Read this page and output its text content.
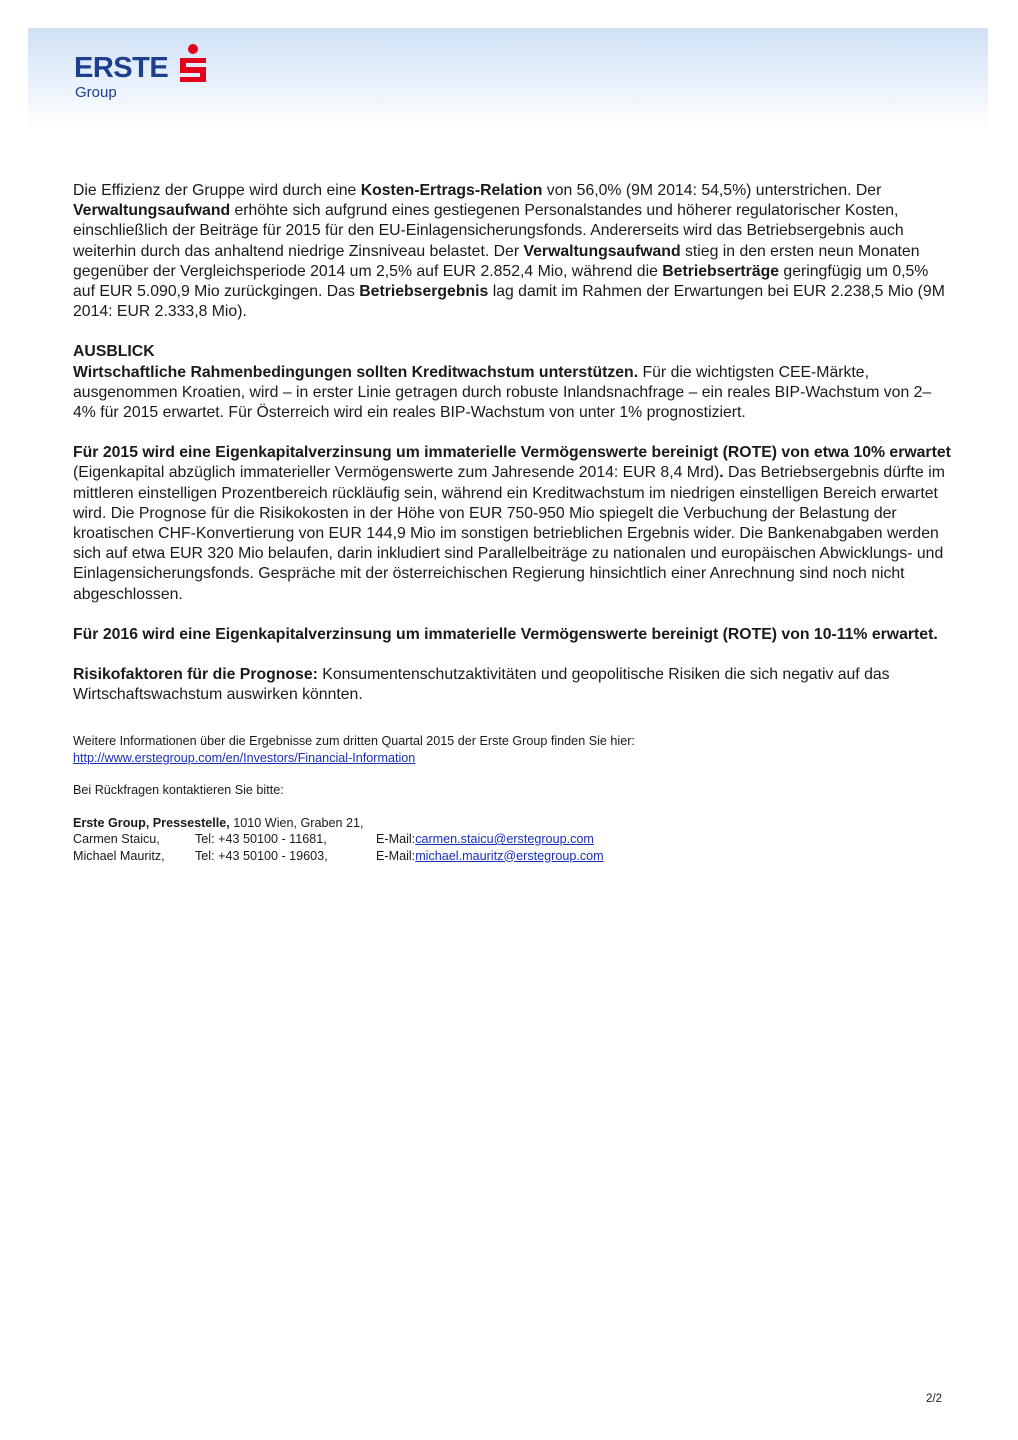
ERSTE
Group

Die Effizienz der Gruppe wird durch eine Kosten-Ertrags-Relation von 56,0% (9M 2014: 54,5%) unterstrichen. Der Verwaltungsaufwand erhöhte sich aufgrund eines gestiegenen Personalstandes und höherer regulatorischer Kosten, einschließlich der Beiträge für 2015 für den EU-Einlagensicherungsfonds. Andererseits wird das Betriebsergebnis auch weiterhin durch das anhaltend niedrige Zinsniveau belastet. Der Verwaltungsaufwand stieg in den ersten neun Monaten gegenüber der Vergleichsperiode 2014 um 2,5% auf EUR 2.852,4 Mio, während die Betriebserträge geringfügig um 0,5% auf EUR 5.090,9 Mio zurückgingen. Das Betriebsergebnis lag damit im Rahmen der Erwartungen bei EUR 2.238,5 Mio (9M 2014: EUR 2.333,8 Mio).

AUSBLICK

Wirtschaftliche Rahmenbedingungen sollten Kreditwachstum unterstützen. Für die wichtigsten CEE-Märkte, ausgenommen Kroatien, wird – in erster Linie getragen durch robuste Inlandsnachfrage – ein reales BIP-Wachstum von 2–4% für 2015 erwartet. Für Österreich wird ein reales BIP-Wachstum von unter 1% prognostiziert.

Für 2015 wird eine Eigenkapitalverzinsung um immaterielle Vermögenswerte bereinigt (ROTE) von etwa 10% erwartet (Eigenkapital abzüglich immaterieller Vermögenswerte zum Jahresende 2014: EUR 8,4 Mrd). Das Betriebsergebnis dürfte im mittleren einstelligen Prozentbereich rückläufig sein, während ein Kreditwachstum im niedrigen einstelligen Bereich erwartet wird. Die Prognose für die Risikokosten in der Höhe von EUR 750-950 Mio spiegelt die Verbuchung der Belastung der kroatischen CHF-Konvertierung von EUR 144,9 Mio im sonstigen betrieblichen Ergebnis wider. Die Bankenabgaben werden sich auf etwa EUR 320 Mio belaufen, darin inkludiert sind Parallelbeiträge zu nationalen und europäischen Abwicklungs- und Einlagensicherungsfonds. Gespräche mit der österreichischen Regierung hinsichtlich einer Anrechnung sind noch nicht abgeschlossen.

Für 2016 wird eine Eigenkapitalverzinsung um immaterielle Vermögenswerte bereinigt (ROTE) von 10-11% erwartet.

Risikofaktoren für die Prognose: Konsumentenschutzaktivitäten und geopolitische Risiken die sich negativ auf das Wirtschaftswachstum auswirken könnten.

Weitere Informationen über die Ergebnisse zum dritten Quartal 2015 der Erste Group finden Sie hier:
http://www.erstegroup.com/en/Investors/Financial-Information
Bei Rückfragen kontaktieren Sie bitte:
Erste Group, Pressestelle, 1010 Wien, Graben 21,
Carmen Staicu,	Tel: +43 50100 - 11681,	E-Mail: carmen.staicu@erstegroup.com
Michael Mauritz,	Tel: +43 50100 - 19603,	E-Mail: michael.mauritz@erstegroup.com
2/2
